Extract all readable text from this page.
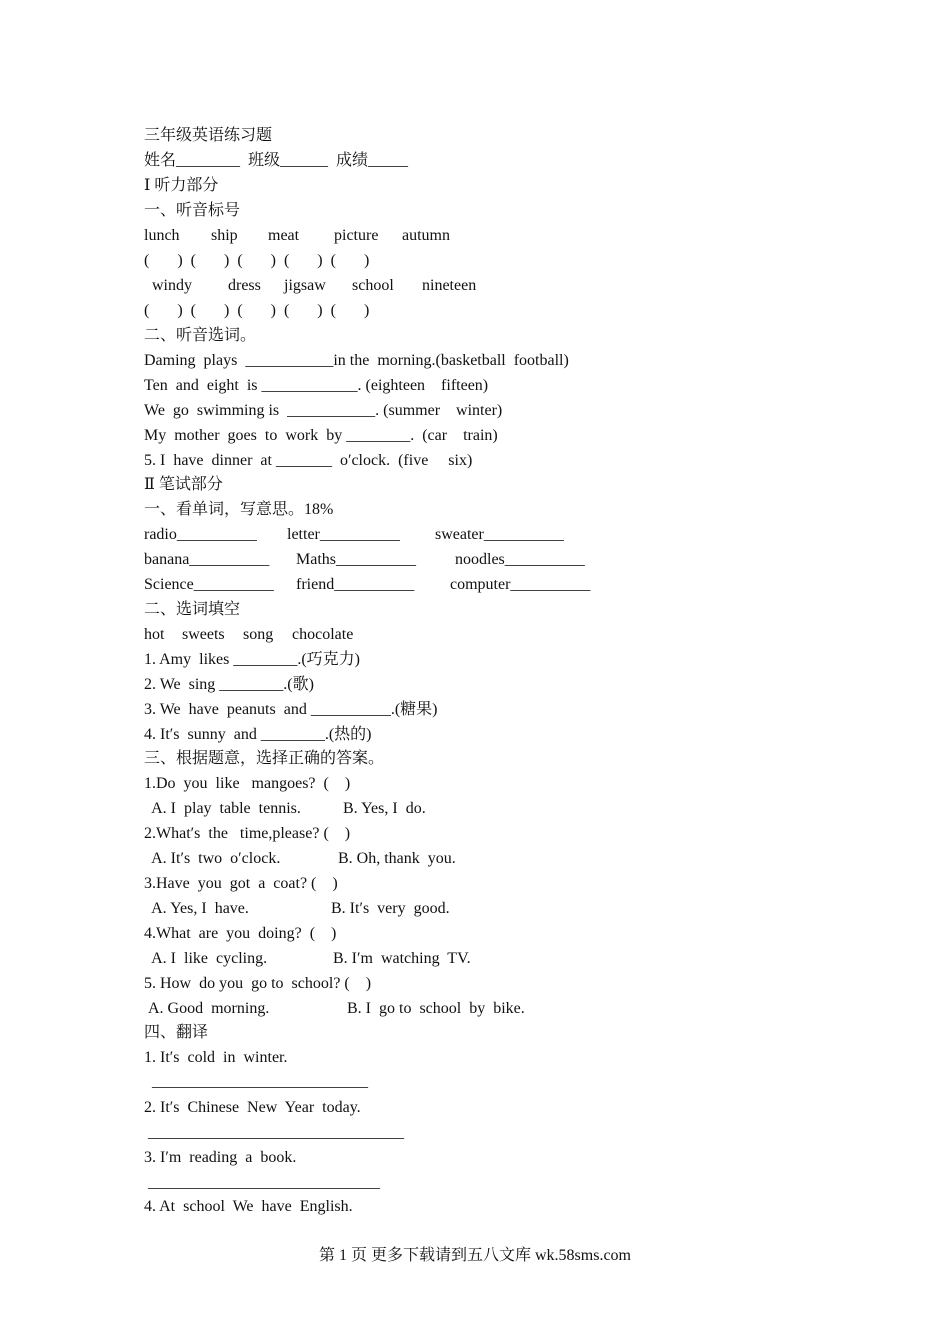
三年级英语练习题
姓名________  班级______  成绩_____
Ⅰ 听力部分
一、听音标号
lunch ship meat picture autumn
(       )  (       )  (       )  (       )  (       )
windy dress jigsaw school nineteen
(       )  (       )  (       )  (       )  (       )
二、听音选词。
Daming  plays  ___________in the  morning.(basketball  football)
Ten  and  eight  is ____________. (eighteen    fifteen)
We  go  swimming is  ___________. (summer    winter)
My  mother  goes  to  work  by ________.  (car    train)
5. I  have  dinner  at _______  o′clock.  (five     six)
Ⅱ 笔试部分
一、看单词，写意思。18%
radio__________ letter__________ sweater__________
banana__________ Maths__________ noodles__________
Science__________ friend__________ computer__________
二、选词填空
hot sweets song chocolate
1. Amy  likes ________.(巧克力)
2. We  sing ________.(歌)
3. We  have  peanuts  and __________.(糖果)
4. It′s  sunny  and ________.(热的)
三、根据题意，选择正确的答案。
1.Do  you  like   mangoes?  (    )
A. I  play  table  tennis.	B. Yes, I  do.
2.What′s  the   time,please? (    )
A. It′s  two  o′clock.	B. Oh, thank  you.
3.Have  you  got  a  coat? (    )
A. Yes, I  have.	B. It′s  very  good.
4.What  are  you  doing?  (    )
A. I  like  cycling.	B. I′m  watching  TV.
5. How  do you  go to  school? (    )
A. Good  morning.	B. I  go to  school  by  bike.
四、翻译
1. It′s  cold  in  winter.
___________________________
2. It′s  Chinese  New  Year  today.
________________________________
3. I′m  reading  a  book.
_____________________________
4. At  school  We  have  English.
第 1 页 更多下载请到五八文库 wk.58sms.com
